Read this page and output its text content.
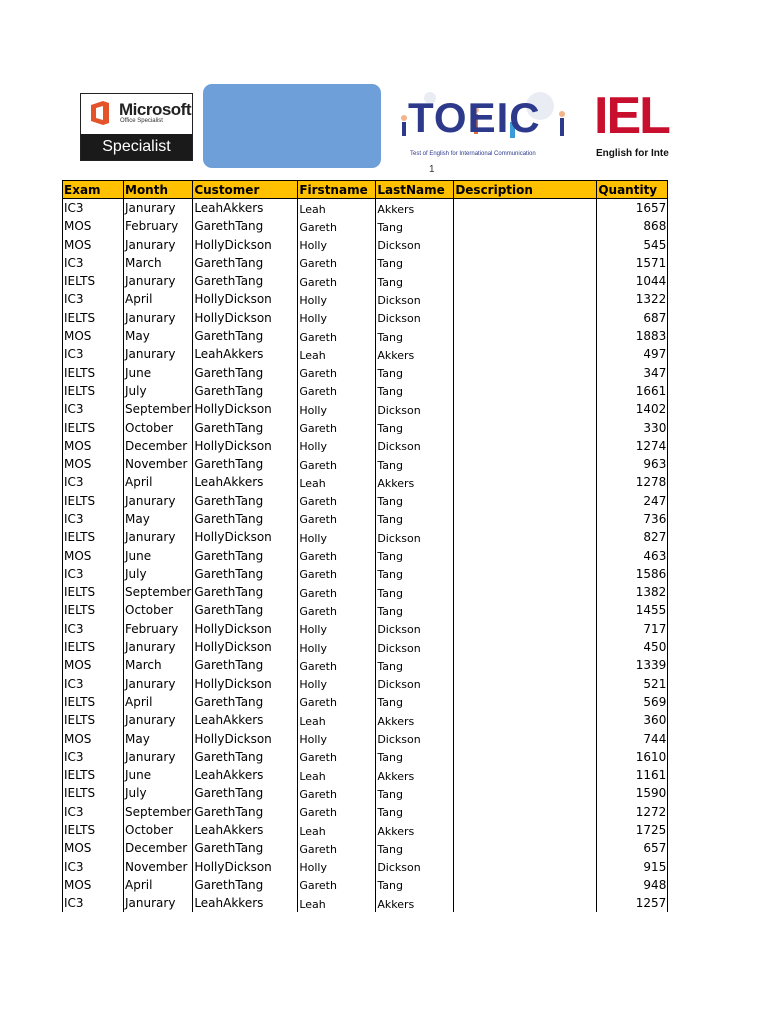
Microsoft
Office Specialist
Specialist
TOEIC
Test of English for International Communication
IEL
English for Inte
1
Exam	Month	Customer	Firstname	LastName	Description	Quantity
IC3	Janurary	LeahAkkers	Leah	Akkers		1657
MOS	February	GarethTang	Gareth	Tang		868
MOS	Janurary	HollyDickson	Holly	Dickson		545
IC3	March	GarethTang	Gareth	Tang		1571
IELTS	Janurary	GarethTang	Gareth	Tang		1044
IC3	April	HollyDickson	Holly	Dickson		1322
IELTS	Janurary	HollyDickson	Holly	Dickson		687
MOS	May	GarethTang	Gareth	Tang		1883
IC3	Janurary	LeahAkkers	Leah	Akkers		497
IELTS	June	GarethTang	Gareth	Tang		347
IELTS	July	GarethTang	Gareth	Tang		1661
IC3	September	HollyDickson	Holly	Dickson		1402
IELTS	October	GarethTang	Gareth	Tang		330
MOS	December	HollyDickson	Holly	Dickson		1274
MOS	November	GarethTang	Gareth	Tang		963
IC3	April	LeahAkkers	Leah	Akkers		1278
IELTS	Janurary	GarethTang	Gareth	Tang		247
IC3	May	GarethTang	Gareth	Tang		736
IELTS	Janurary	HollyDickson	Holly	Dickson		827
MOS	June	GarethTang	Gareth	Tang		463
IC3	July	GarethTang	Gareth	Tang		1586
IELTS	September	GarethTang	Gareth	Tang		1382
IELTS	October	GarethTang	Gareth	Tang		1455
IC3	February	HollyDickson	Holly	Dickson		717
IELTS	Janurary	HollyDickson	Holly	Dickson		450
MOS	March	GarethTang	Gareth	Tang		1339
IC3	Janurary	HollyDickson	Holly	Dickson		521
IELTS	April	GarethTang	Gareth	Tang		569
IELTS	Janurary	LeahAkkers	Leah	Akkers		360
MOS	May	HollyDickson	Holly	Dickson		744
IC3	Janurary	GarethTang	Gareth	Tang		1610
IELTS	June	LeahAkkers	Leah	Akkers		1161
IELTS	July	GarethTang	Gareth	Tang		1590
IC3	September	GarethTang	Gareth	Tang		1272
IELTS	October	LeahAkkers	Leah	Akkers		1725
MOS	December	GarethTang	Gareth	Tang		657
IC3	November	HollyDickson	Holly	Dickson		915
MOS	April	GarethTang	Gareth	Tang		948
IC3	Janurary	LeahAkkers	Leah	Akkers		1257
